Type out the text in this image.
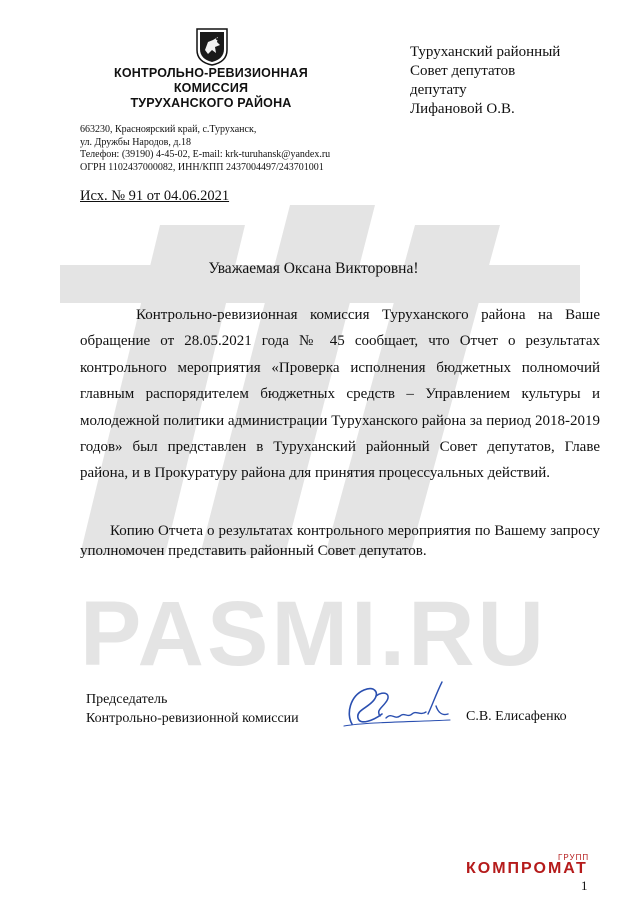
PASMI.RU
КОНТРОЛЬНО-РЕВИЗИОННАЯ
КОМИССИЯ
ТУРУХАНСКОГО РАЙОНА
663230, Красноярский край, с.Туруханск,
ул. Дружбы Народов, д.18
Телефон: (39190) 4-45-02, E-mail: krk-turuhansk@yandex.ru
ОГРН 1102437000082, ИНН/КПП 2437004497/243701001
Исх. № 91 от 04.06.2021
Туруханский районный
Совет депутатов
депутату
Лифановой О.В.
Уважаемая Оксана Викторовна!
Контрольно-ревизионная комиссия Туруханского района на Ваше обращение от 28.05.2021 года № 45 сообщает, что Отчет о результатах контрольного мероприятия «Проверка исполнения бюджетных полномочий главным распорядителем бюджетных средств – Управлением культуры и молодежной политики администрации Туруханского района за период 2018-2019 годов» был представлен в Туруханский районный Совет депутатов, Главе района, и в Прокуратуру района для принятия процессуальных действий.
Копию Отчета о результатах контрольного мероприятия по Вашему запросу уполномочен представить районный Совет депутатов.
Председатель
Контрольно-ревизионной комиссии	С.В. Елисафенко
ГРУПП
КОМПРОМАТ
1
